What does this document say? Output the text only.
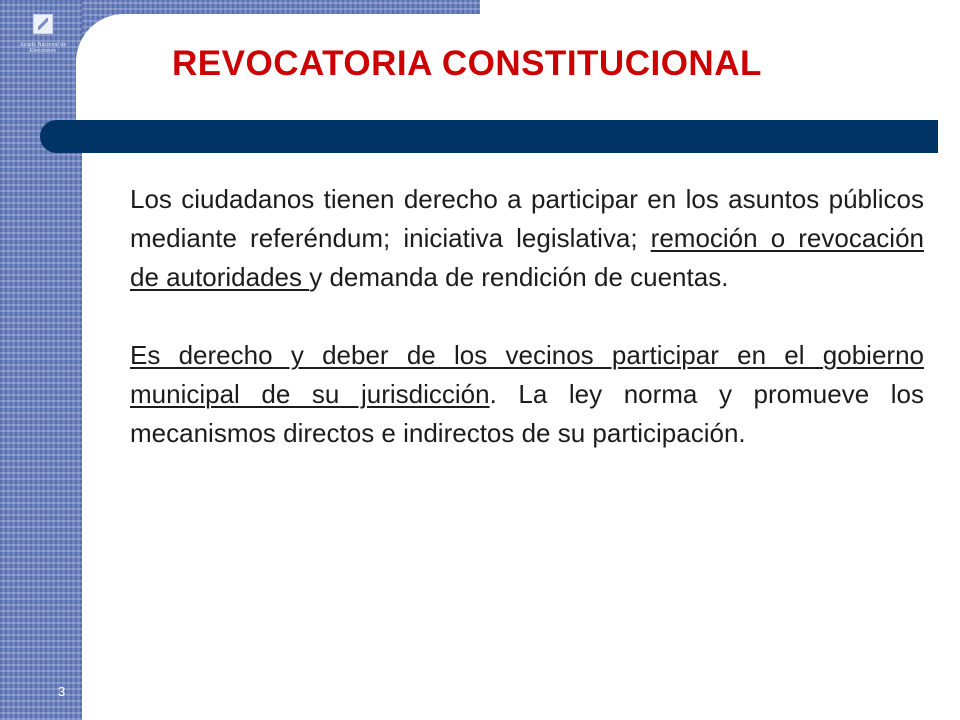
Jurado Nacional de Elecciones	REVOCATORIA CONSTITUCIONAL

Los ciudadanos tienen derecho a participar en los asuntos públicos mediante referéndum; iniciativa legislativa; remoción o revocación de autoridades y demanda de rendición de cuentas.

Es derecho y deber de los vecinos participar en el gobierno municipal de su jurisdicción. La ley norma y promueve los mecanismos directos e indirectos de su participación.

3
